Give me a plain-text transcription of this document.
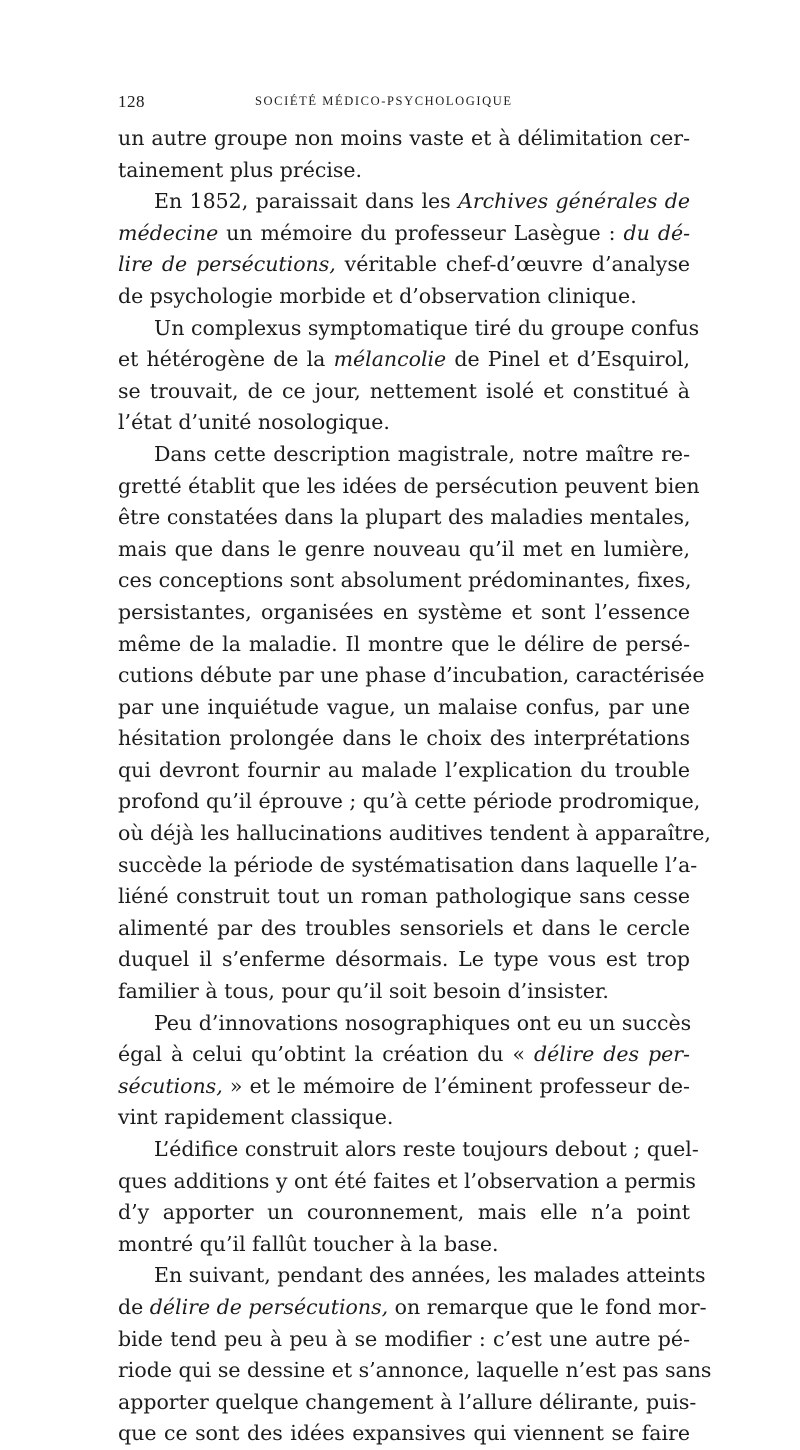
128	SOCIÉTÉ MÉDICO-PSYCHOLOGIQUE
un autre groupe non moins vaste et à délimitation cer-
tainement plus précise.
En 1852, paraissait dans les Archives générales de
médecine un mémoire du professeur Lasègue : du dé-
lire de persécutions, véritable chef-d’œuvre d’analyse
de psychologie morbide et d’observation clinique.
Un complexus symptomatique tiré du groupe confus
et hétérogène de la mélancolie de Pinel et d’Esquirol,
se trouvait, de ce jour, nettement isolé et constitué à
l’état d’unité nosologique.
Dans cette description magistrale, notre maître re-
gretté établit que les idées de persécution peuvent bien
être constatées dans la plupart des maladies mentales,
mais que dans le genre nouveau qu’il met en lumière,
ces conceptions sont absolument prédominantes, fixes,
persistantes, organisées en système et sont l’essence
même de la maladie. Il montre que le délire de persé-
cutions débute par une phase d’incubation, caractérisée
par une inquiétude vague, un malaise confus, par une
hésitation prolongée dans le choix des interprétations
qui devront fournir au malade l’explication du trouble
profond qu’il éprouve ; qu’à cette période prodromique,
où déjà les hallucinations auditives tendent à apparaître,
succède la période de systématisation dans laquelle l’a-
liéné construit tout un roman pathologique sans cesse
alimenté par des troubles sensoriels et dans le cercle
duquel il s’enferme désormais. Le type vous est trop
familier à tous, pour qu’il soit besoin d’insister.
Peu d’innovations nosographiques ont eu un succès
égal à celui qu’obtint la création du « délire des per-
sécutions, » et le mémoire de l’éminent professeur de-
vint rapidement classique.
L’édifice construit alors reste toujours debout ; quel-
ques additions y ont été faites et l’observation a permis
d’y apporter un couronnement, mais elle n’a point
montré qu’il fallût toucher à la base.
En suivant, pendant des années, les malades atteints
de délire de persécutions, on remarque que le fond mor-
bide tend peu à peu à se modifier : c’est une autre pé-
riode qui se dessine et s’annonce, laquelle n’est pas sans
apporter quelque changement à l’allure délirante, puis-
que ce sont des idées expansives qui viennent se faire
